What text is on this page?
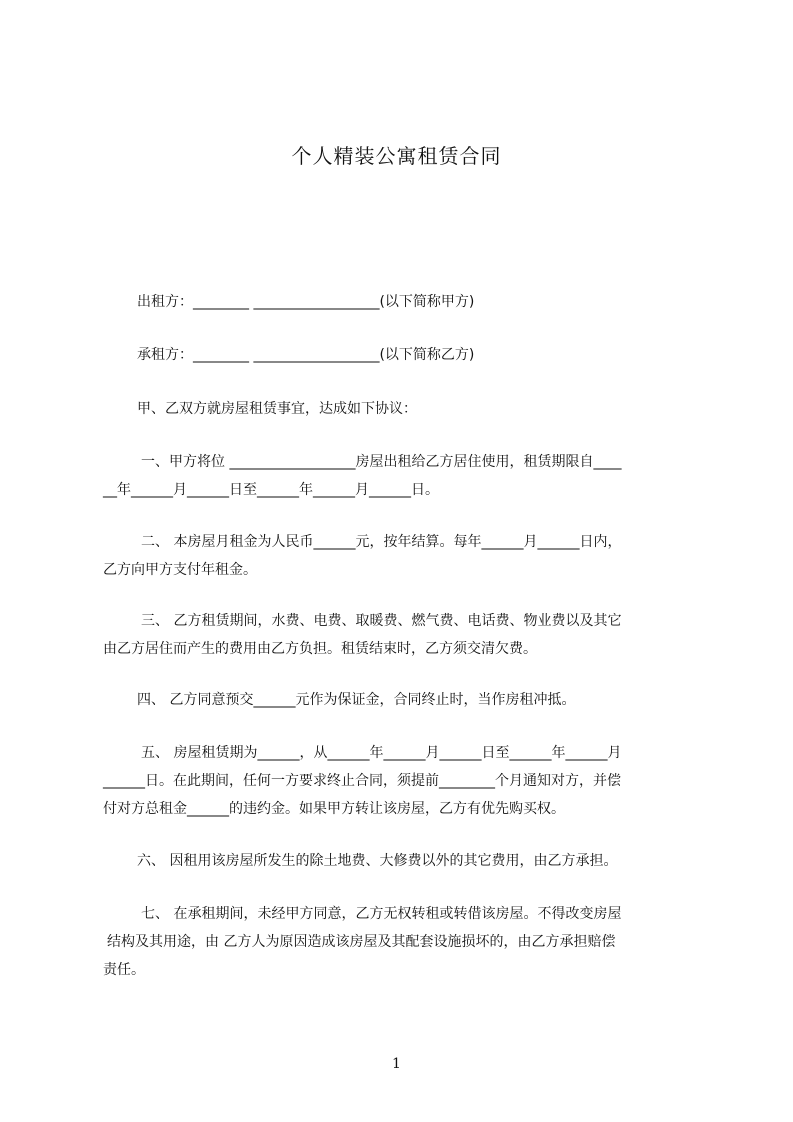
个人精装公寓租赁合同
出租方：________ __________________(以下简称甲方)
承租方：________ __________________(以下简称乙方)
甲、乙双方就房屋租赁事宜，达成如下协议：
一、甲方将位 __________________房屋出租给乙方居住使用，租赁期限自____
__年______月______日至______年______月______日。
二、 本房屋月租金为人民币______元，按年结算。每年______月______日内，
乙方向甲方支付年租金。
三、 乙方租赁期间，水费、电费、取暖费、燃气费、电话费、物业费以及其它
由乙方居住而产生的费用由乙方负担。租赁结束时，乙方须交清欠费。
四、 乙方同意预交______元作为保证金，合同终止时，当作房租冲抵。
五、 房屋租赁期为______，从______年______月______日至______年______月
______日。在此期间，任何一方要求终止合同，须提前________个月通知对方，并偿
付对方总租金______的违约金。如果甲方转让该房屋，乙方有优先购买权。
六、 因租用该房屋所发生的除土地费、大修费以外的其它费用，由乙方承担。
七、 在承租期间，未经甲方同意，乙方无权转租或转借该房屋。不得改变房屋
结构及其用途，由 乙方人为原因造成该房屋及其配套设施损坏的，由乙方承担赔偿
责任。
1
